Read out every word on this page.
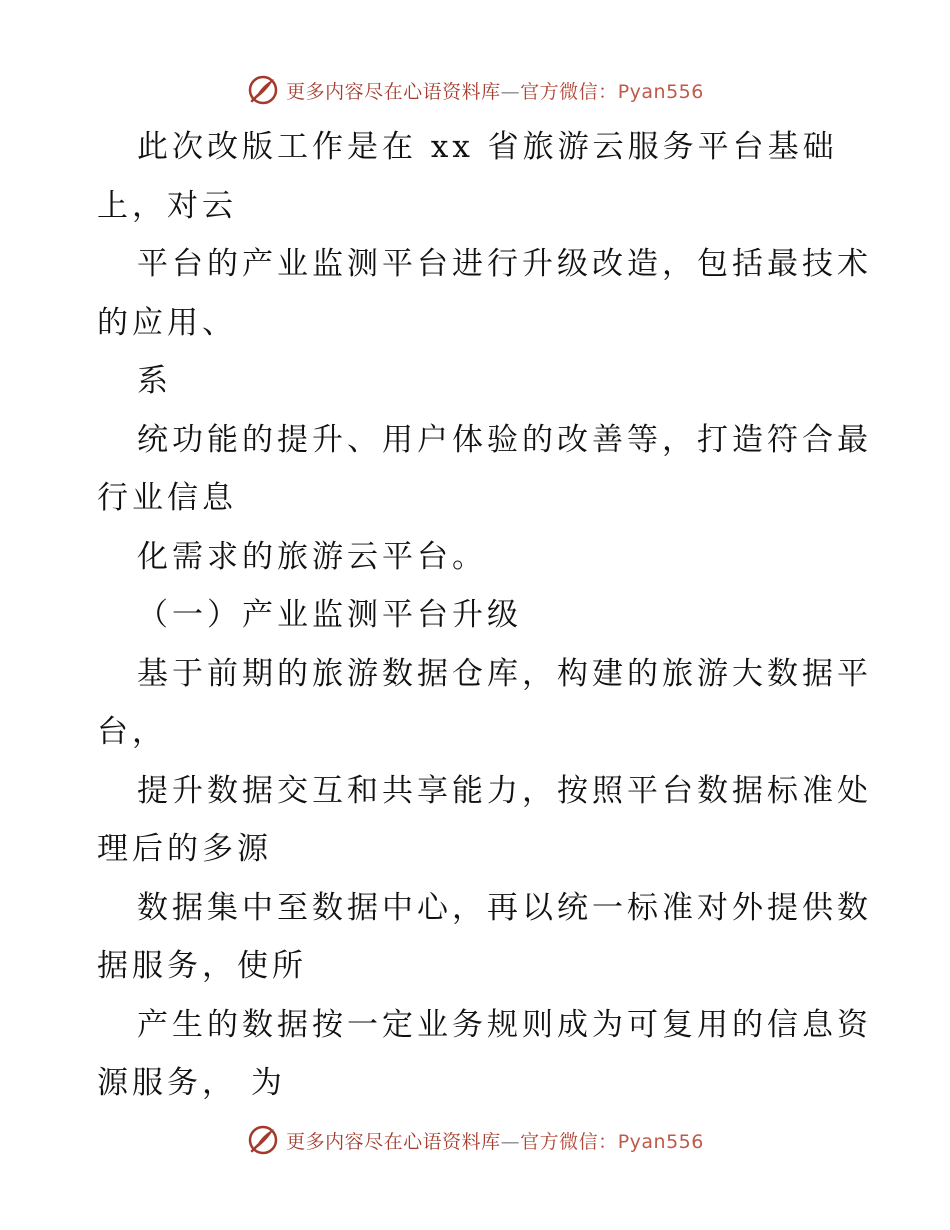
更多内容尽在心语资料库—官方微信：Pyan556
此次改版工作是在 xx 省旅游云服务平台基础
上，对云
平台的产业监测平台进行升级改造，包括最技术
的应用、
系
统功能的提升、用户体验的改善等，打造符合最
行业信息
化需求的旅游云平台。
（一）产业监测平台升级
基于前期的旅游数据仓库，构建的旅游大数据平
台，
提升数据交互和共享能力，按照平台数据标准处
理后的多源
数据集中至数据中心，再以统一标准对外提供数
据服务，使所
产生的数据按一定业务规则成为可复用的信息资
源服务， 为
更多内容尽在心语资料库—官方微信：Pyan556
